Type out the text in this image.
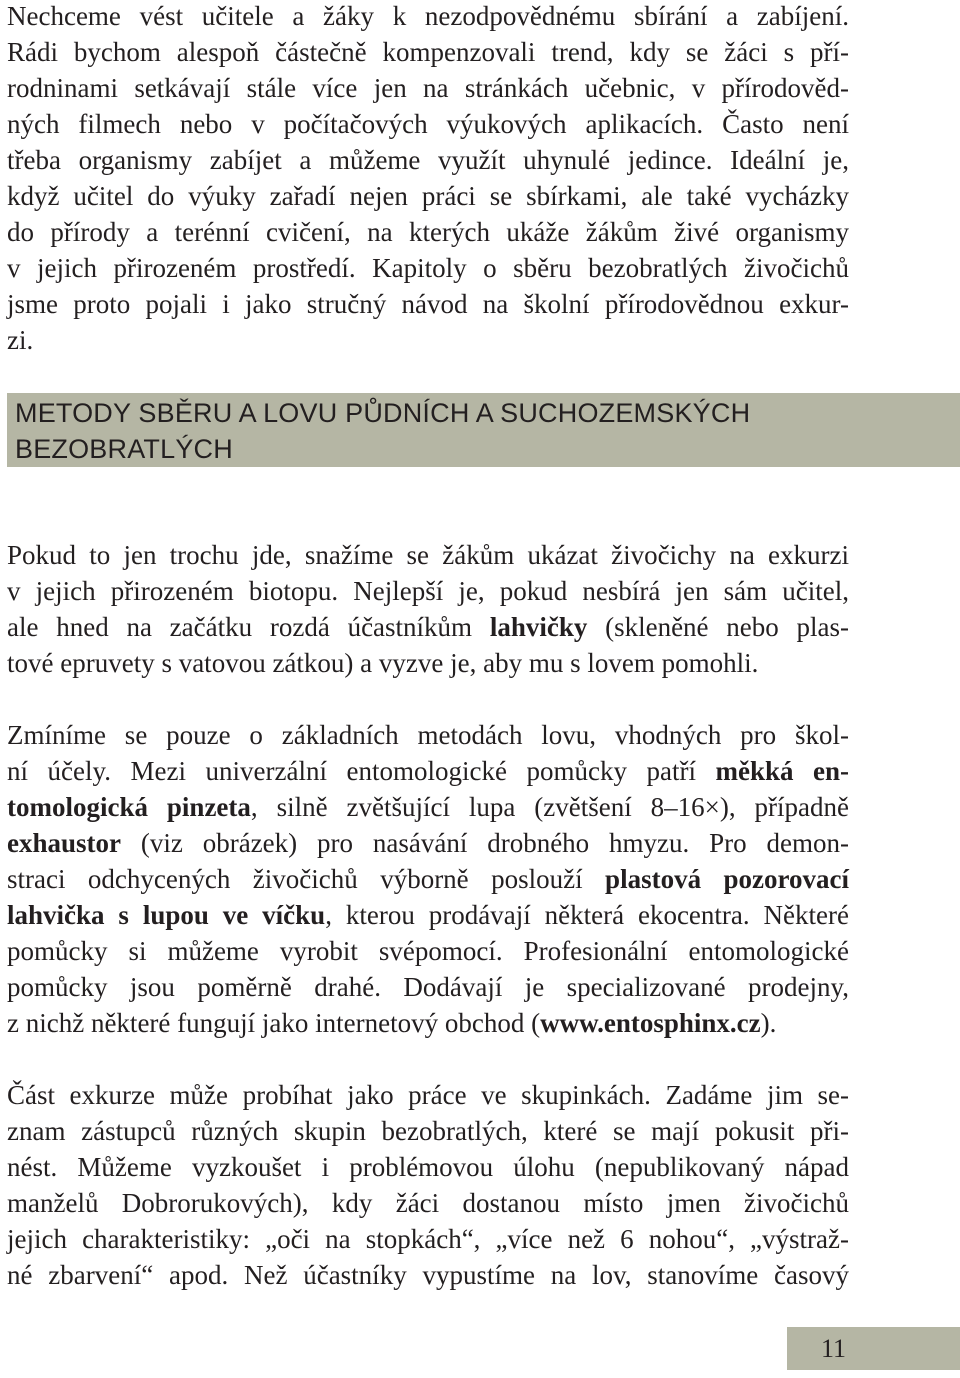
Nechceme vést učitele a žáky k nezodpovědnému sbírání a zabíjení.
Rádi bychom alespoň částečně kompenzovali trend, kdy se žáci s pří-
rodninami setkávají stále více jen na stránkách učebnic, v přírodověd-
ných filmech nebo v počítačových výukových aplikacích. Často není
třeba organismy zabíjet a můžeme využít uhynulé jedince. Ideální je,
když učitel do výuky zařadí nejen práci se sbírkami, ale také vycházky
do přírody a terénní cvičení, na kterých ukáže žákům živé organismy
v jejich přirozeném prostředí. Kapitoly o sběru bezobratlých živočichů
jsme proto pojali i jako stručný návod na školní přírodovědnou exkur-
zi.
METODY SBĚRU A LOVU PŮDNÍCH A SUCHOZEMSKÝCH
BEZOBRATLÝCH
Pokud to jen trochu jde, snažíme se žákům ukázat živočichy na exkurzi
v jejich přirozeném biotopu. Nejlepší je, pokud nesbírá jen sám učitel,
ale hned na začátku rozdá účastníkům lahvičky (skleněné nebo plas-
tové epruvety s vatovou zátkou) a vyzve je, aby mu s lovem pomohli.
Zmíníme se pouze o základních metodách lovu, vhodných pro škol-
ní účely. Mezi univerzální entomologické pomůcky patří měkká en-
tomologická pinzeta, silně zvětšující lupa (zvětšení 8–16×), případně
exhaustor (viz obrázek) pro nasávání drobného hmyzu. Pro demon-
straci odchycených živočichů výborně poslouží plastová pozorovací
lahvička s lupou ve víčku, kterou prodávají některá ekocentra. Některé
pomůcky si můžeme vyrobit svépomocí. Profesionální entomologické
pomůcky jsou poměrně drahé. Dodávají je specializované prodejny,
z nichž některé fungují jako internetový obchod (www.entosphinx.cz).
Část exkurze může probíhat jako práce ve skupinkách. Zadáme jim se-
znam zástupců různých skupin bezobratlých, které se mají pokusit při-
nést. Můžeme vyzkoušet i problémovou úlohu (nepublikovaný nápad
manželů Dobrorukových), kdy žáci dostanou místo jmen živočichů
jejich charakteristiky: „oči na stopkách“, „více než 6 nohou“, „výstraž-
né zbarvení“ apod. Než účastníky vypustíme na lov, stanovíme časový
11
